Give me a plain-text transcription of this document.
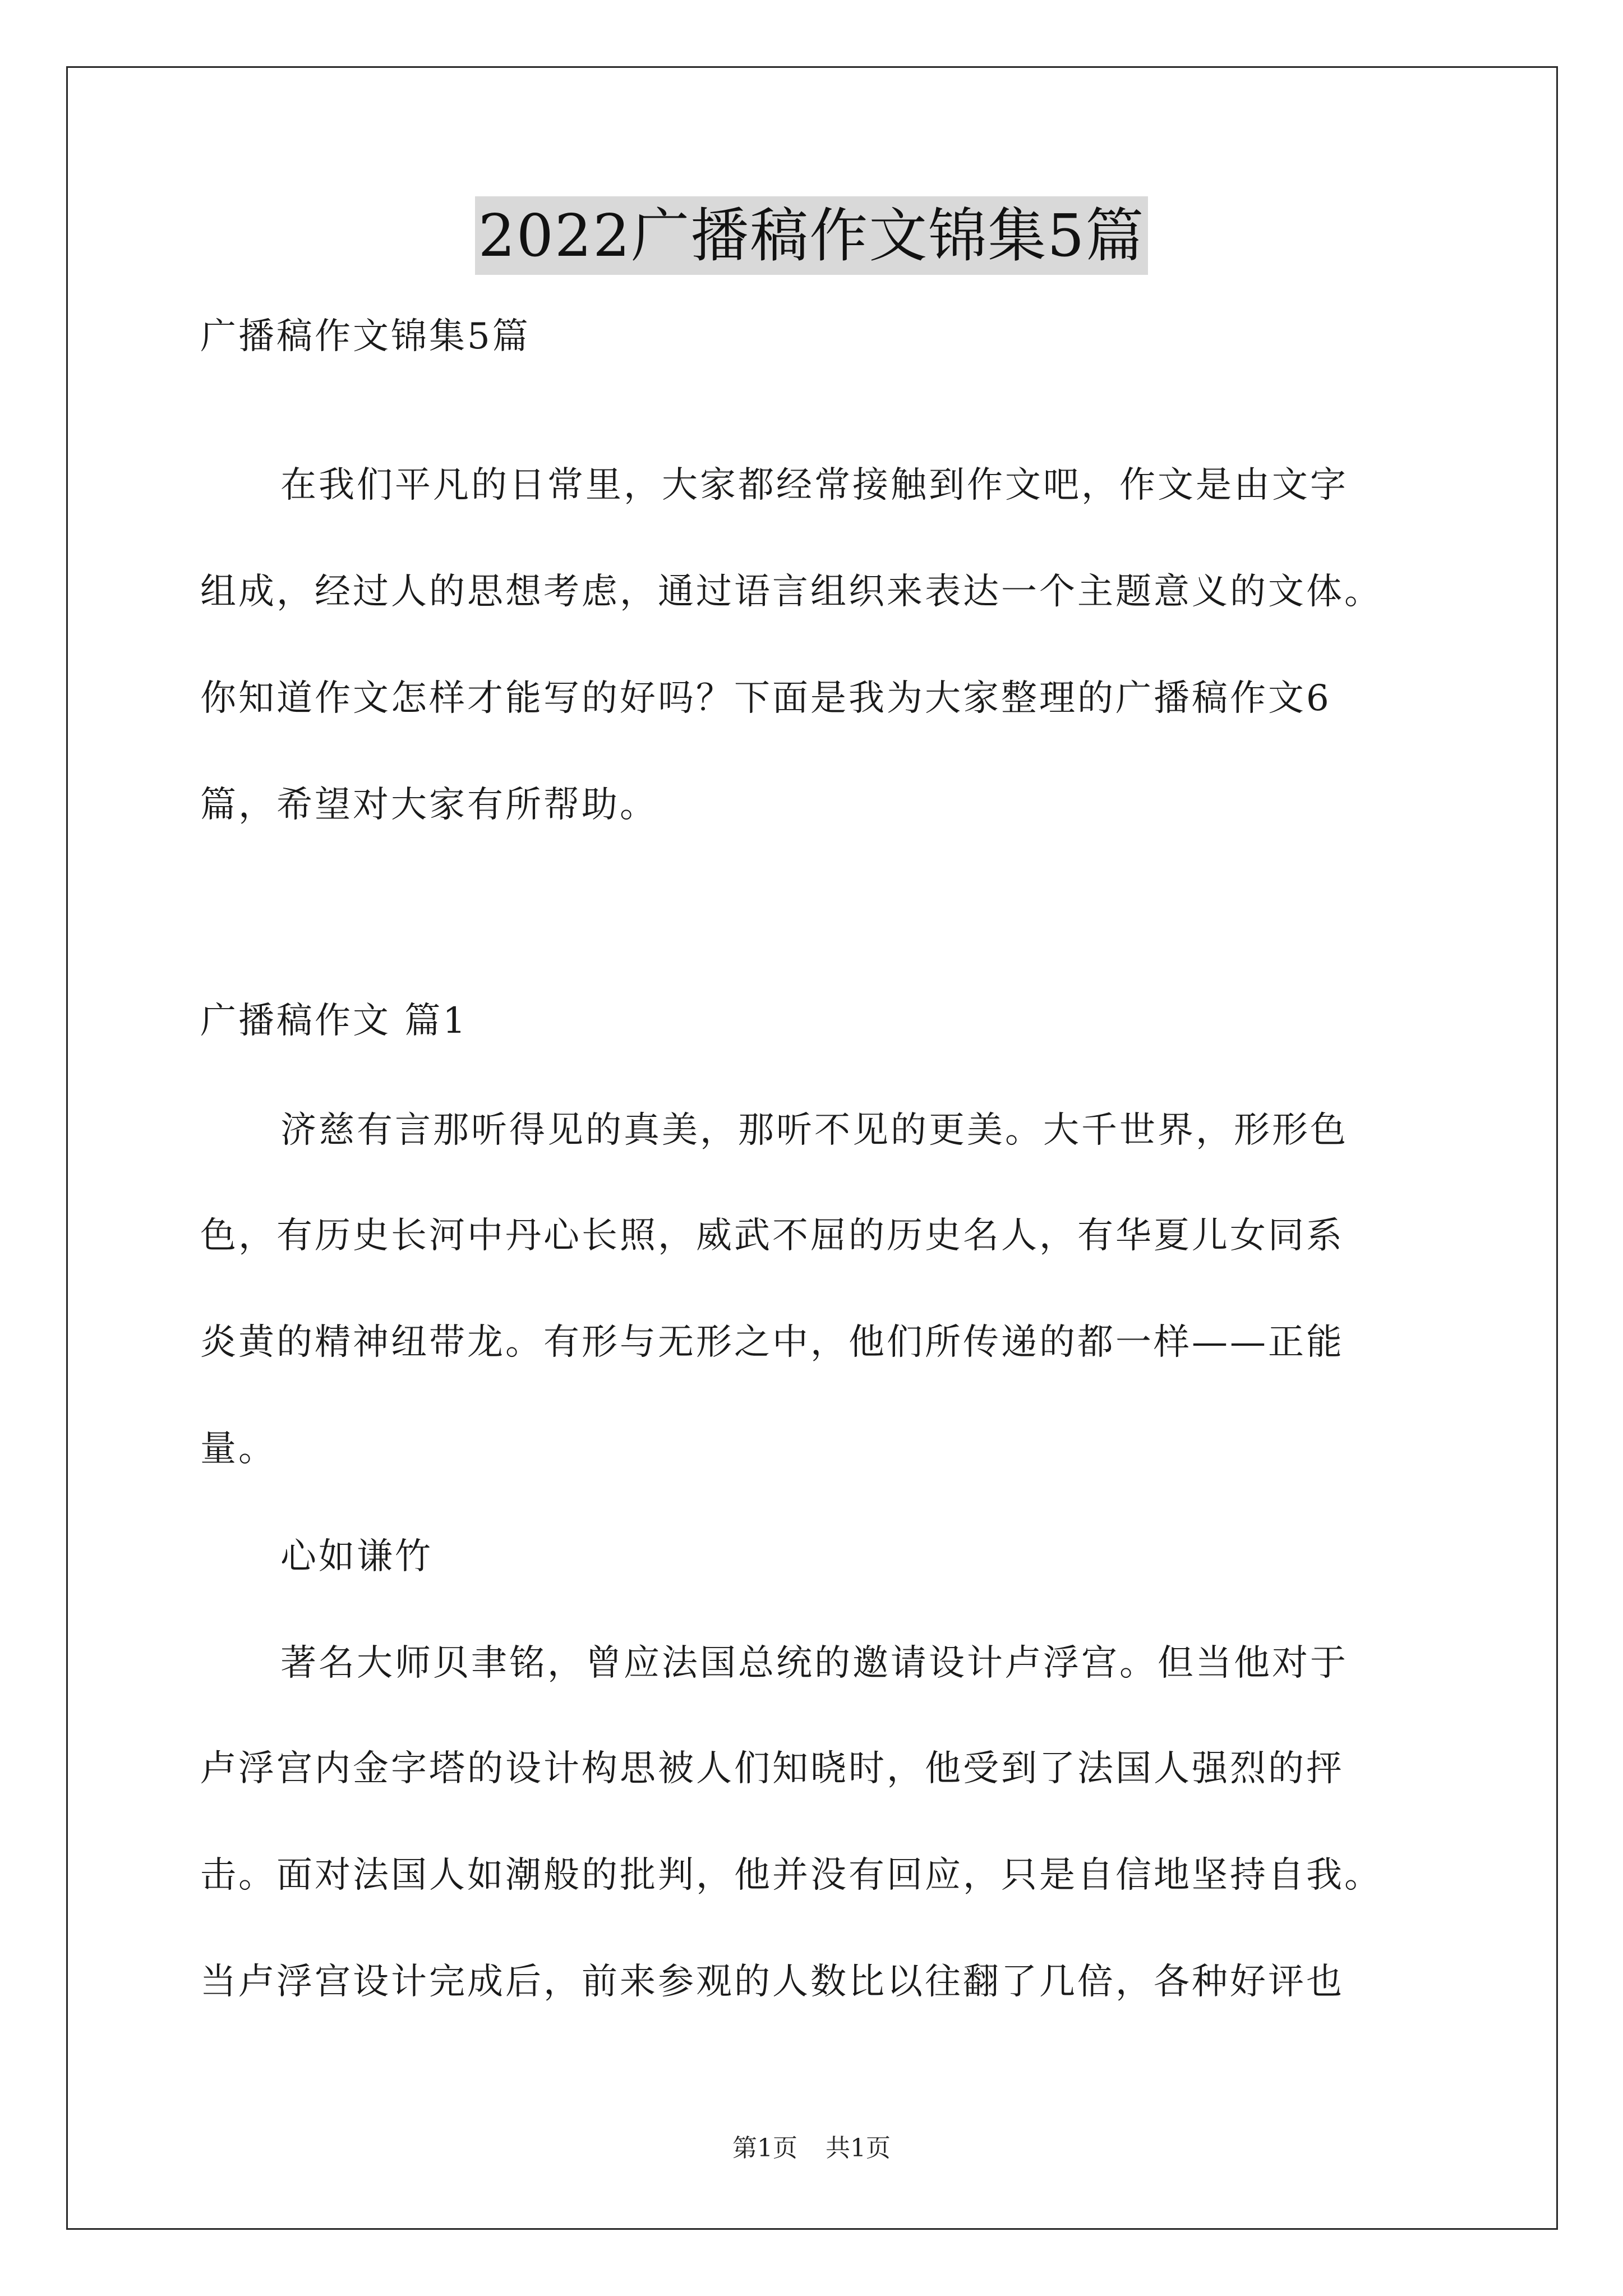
2022广播稿作文锦集5篇
广播稿作文锦集5篇
在我们平凡的日常里，大家都经常接触到作文吧，作文是由文字
组成，经过人的思想考虑，通过语言组织来表达一个主题意义的文体。
你知道作文怎样才能写的好吗？下面是我为大家整理的广播稿作文6
篇，希望对大家有所帮助。
广播稿作文 篇1
济慈有言那听得见的真美，那听不见的更美。大千世界，形形色
色，有历史长河中丹心长照，威武不屈的历史名人，有华夏儿女同系
炎黄的精神纽带龙。有形与无形之中，他们所传递的都一样——正能
量。
心如谦竹
著名大师贝聿铭，曾应法国总统的邀请设计卢浮宫。但当他对于
卢浮宫内金字塔的设计构思被人们知晓时，他受到了法国人强烈的抨
击。面对法国人如潮般的批判，他并没有回应，只是自信地坚持自我。
当卢浮宫设计完成后，前来参观的人数比以往翻了几倍，各种好评也
第1页 共1页
